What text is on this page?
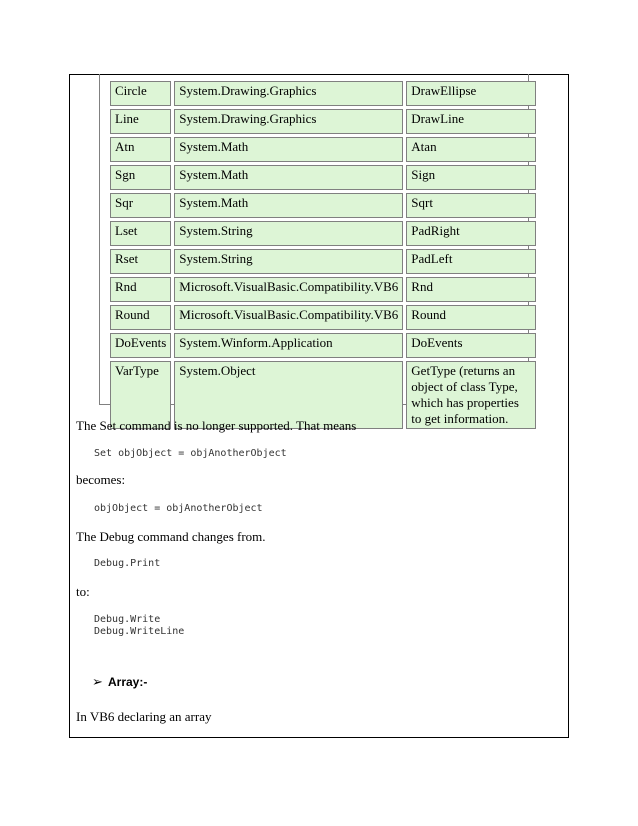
Circle	System.Drawing.Graphics	DrawEllipse
Line	System.Drawing.Graphics	DrawLine
Atn	System.Math	Atan
Sgn	System.Math	Sign
Sqr	System.Math	Sqrt
Lset	System.String	PadRight
Rset	System.String	PadLeft
Rnd	Microsoft.VisualBasic.Compatibility.VB6	Rnd
Round	Microsoft.VisualBasic.Compatibility.VB6	Round
DoEvents	System.Winform.Application	DoEvents
VarType	System.Object	GetType (returns an object of class Type, which has properties to get information.
The Set command is no longer supported. That means
Set objObject = objAnotherObject
becomes:
objObject = objAnotherObject
The Debug command changes from.
Debug.Print
to:
Debug.Write
Debug.WriteLine
➢ Array:-
In VB6 declaring an array
